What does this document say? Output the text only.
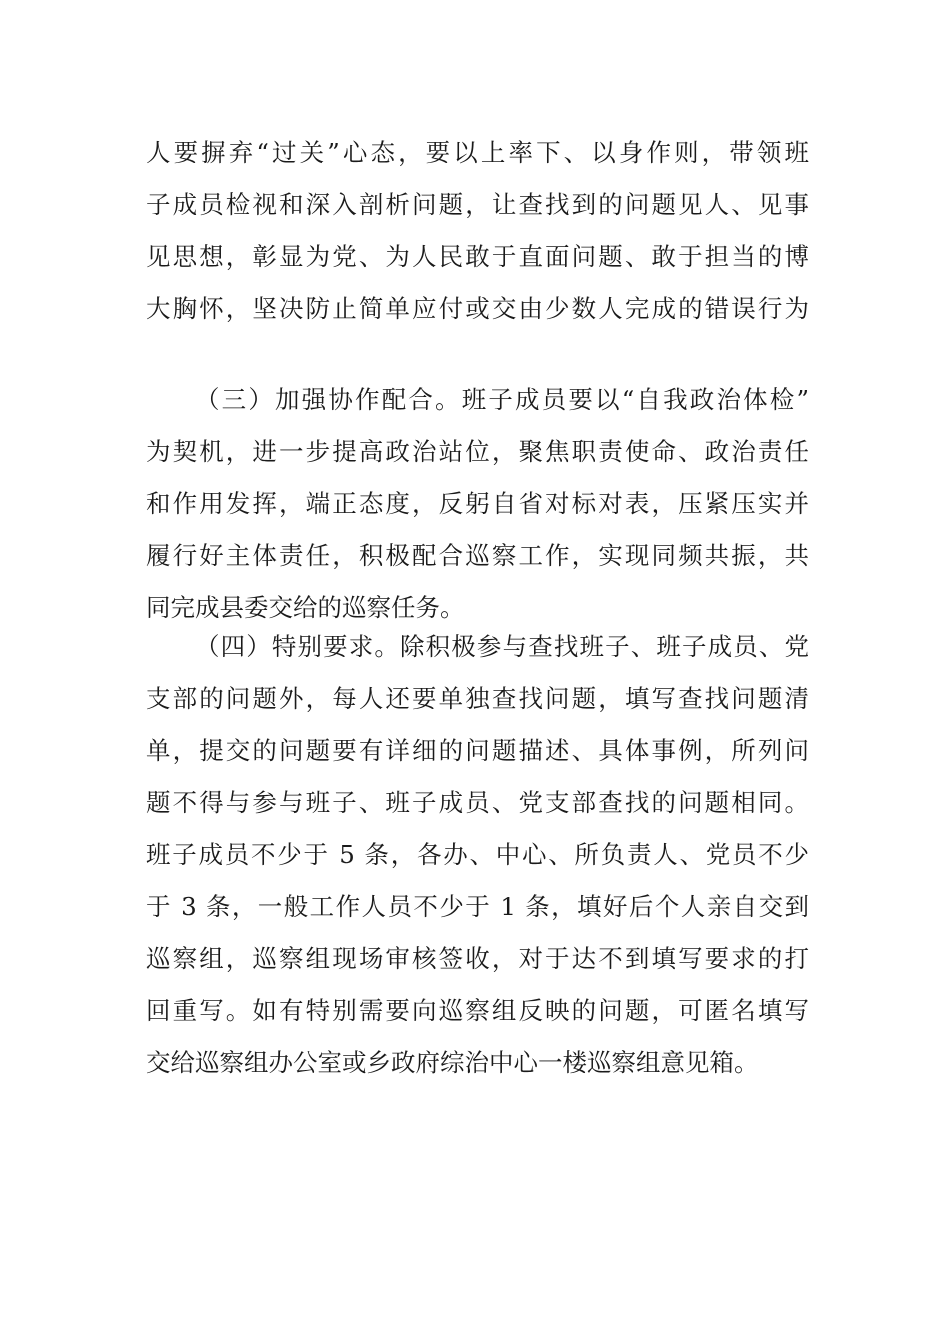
人要摒弃“过关”心态，要以上率下、以身作则，带领班
子成员检视和深入剖析问题，让查找到的问题见人、见事
见思想，彰显为党、为人民敢于直面问题、敢于担当的博
大胸怀，坚决防止简单应付或交由少数人完成的错误行为
（三）加强协作配合。班子成员要以“自我政治体检”
为契机，进一步提高政治站位，聚焦职责使命、政治责任
和作用发挥，端正态度，反躬自省对标对表，压紧压实并
履行好主体责任，积极配合巡察工作，实现同频共振，共
同完成县委交给的巡察任务。
（四）特别要求。除积极参与查找班子、班子成员、党
支部的问题外，每人还要单独查找问题，填写查找问题清
单，提交的问题要有详细的问题描述、具体事例，所列问
题不得与参与班子、班子成员、党支部查找的问题相同。
班子成员不少于 5 条，各办、中心、所负责人、党员不少
于 3 条，一般工作人员不少于 1 条，填好后个人亲自交到
巡察组，巡察组现场审核签收，对于达不到填写要求的打
回重写。如有特别需要向巡察组反映的问题，可匿名填写
交给巡察组办公室或乡政府综治中心一楼巡察组意见箱。
